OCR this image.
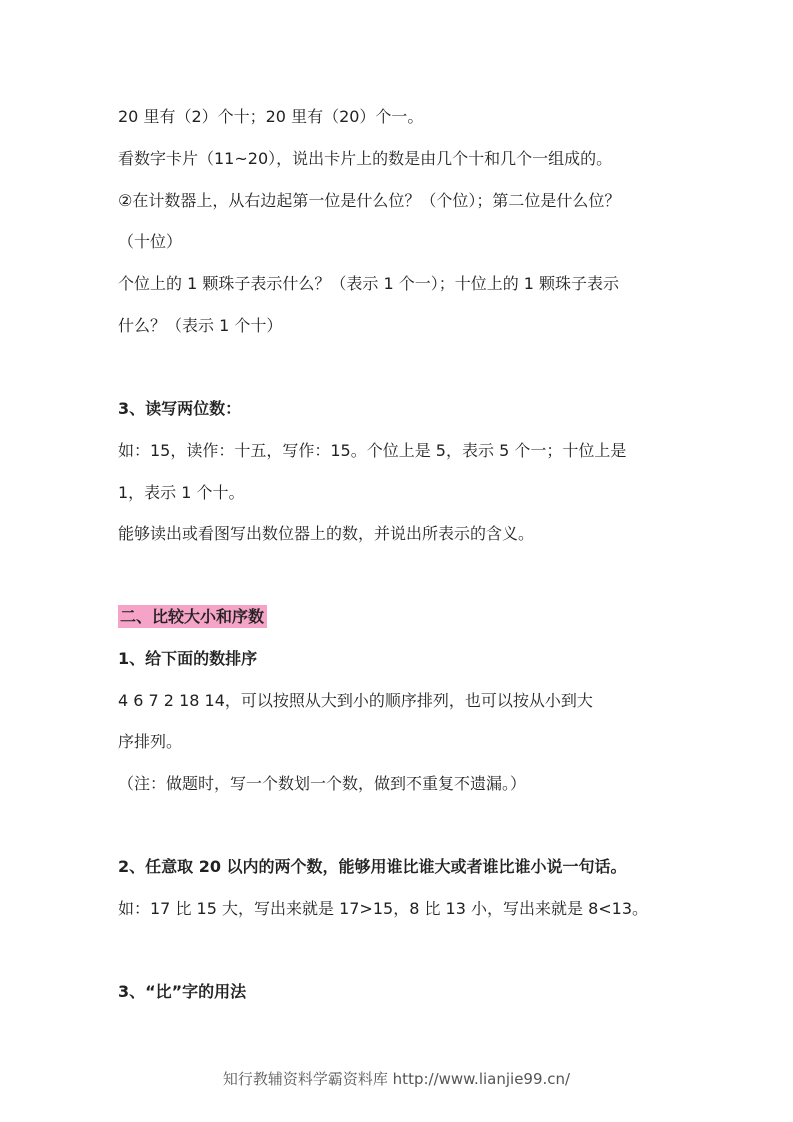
20 里有（2）个十；20 里有（20）个一。

看数字卡片（11~20），说出卡片上的数是由几个十和几个一组成的。

②在计数器上，从右边起第一位是什么位？（个位）；第二位是什么位？

（十位）

个位上的 1 颗珠子表示什么？（表示 1 个一）；十位上的 1 颗珠子表示

什么？（表示 1 个十）

3、读写两位数：

如：15，读作：十五，写作：15。个位上是 5，表示 5 个一；十位上是

1，表示 1 个十。

能够读出或看图写出数位器上的数，并说出所表示的含义。

二、比较大小和序数

1、给下面的数排序

4 6 7 2 18 14，可以按照从大到小的顺序排列，也可以按从小到大

序排列。

（注：做题时，写一个数划一个数，做到不重复不遗漏。）

2、任意取 20 以内的两个数，能够用谁比谁大或者谁比谁小说一句话。

如：17 比 15 大，写出来就是 17>15，8 比 13 小，写出来就是 8<13。

3、“比”字的用法

知行教辅资料学霸资料库 http://www.lianjie99.cn/
